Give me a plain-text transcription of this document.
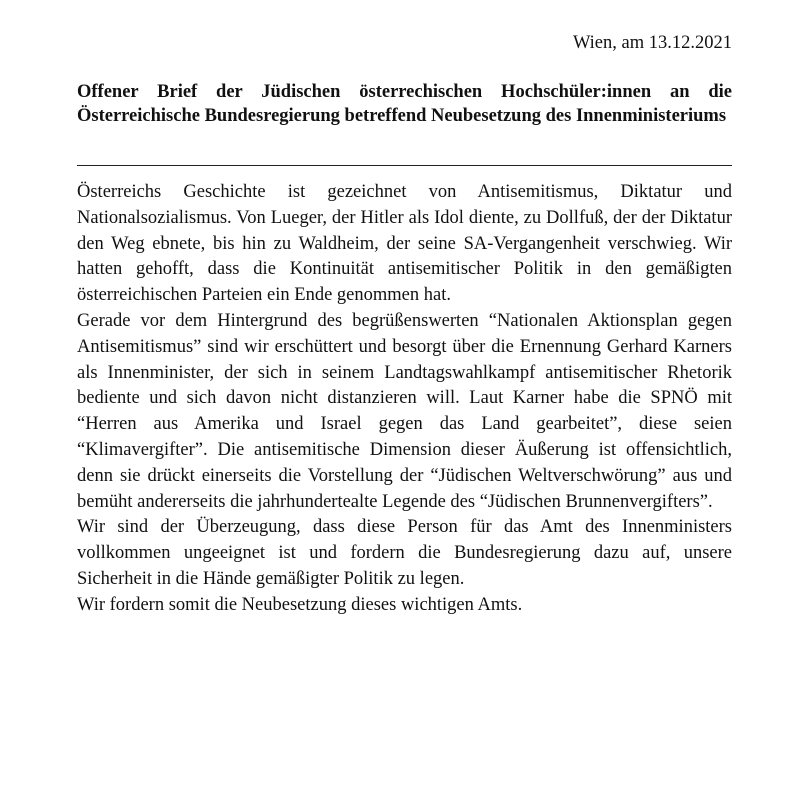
Wien, am 13.12.2021
Offener Brief der Jüdischen österrechischen Hochschüler:innen an die Österreichische Bundesregierung betreffend Neubesetzung des Innenministeriums

Österreichs Geschichte ist gezeichnet von Antisemitismus, Diktatur und Nationalsozialismus. Von Lueger, der Hitler als Idol diente, zu Dollfuß, der der Diktatur den Weg ebnete, bis hin zu Waldheim, der seine SA-Vergangenheit verschwieg. Wir hatten gehofft, dass die Kontinuität antisemitischer Politik in den gemäßigten österreichischen Parteien ein Ende genommen hat.

Gerade vor dem Hintergrund des begrüßenswerten “Nationalen Aktionsplan gegen Antisemitismus” sind wir erschüttert und besorgt über die Ernennung Gerhard Karners als Innenminister, der sich in seinem Landtagswahlkampf antisemitischer Rhetorik bediente und sich davon nicht distanzieren will. Laut Karner habe die SPNÖ mit “Herren aus Amerika und Israel gegen das Land gearbeitet”, diese seien “Klimavergifter”. Die antisemitische Dimension dieser Äußerung ist offensichtlich, denn sie drückt einerseits die Vorstellung der “Jüdischen Weltverschwörung” aus und bemüht andererseits die jahrhundertealte Legende des “Jüdischen Brunnenvergifters”.

Wir sind der Überzeugung, dass diese Person für das Amt des Innenministers vollkommen ungeeignet ist und fordern die Bundesregierung dazu auf, unsere Sicherheit in die Hände gemäßigter Politik zu legen.

Wir fordern somit die Neubesetzung dieses wichtigen Amts.
